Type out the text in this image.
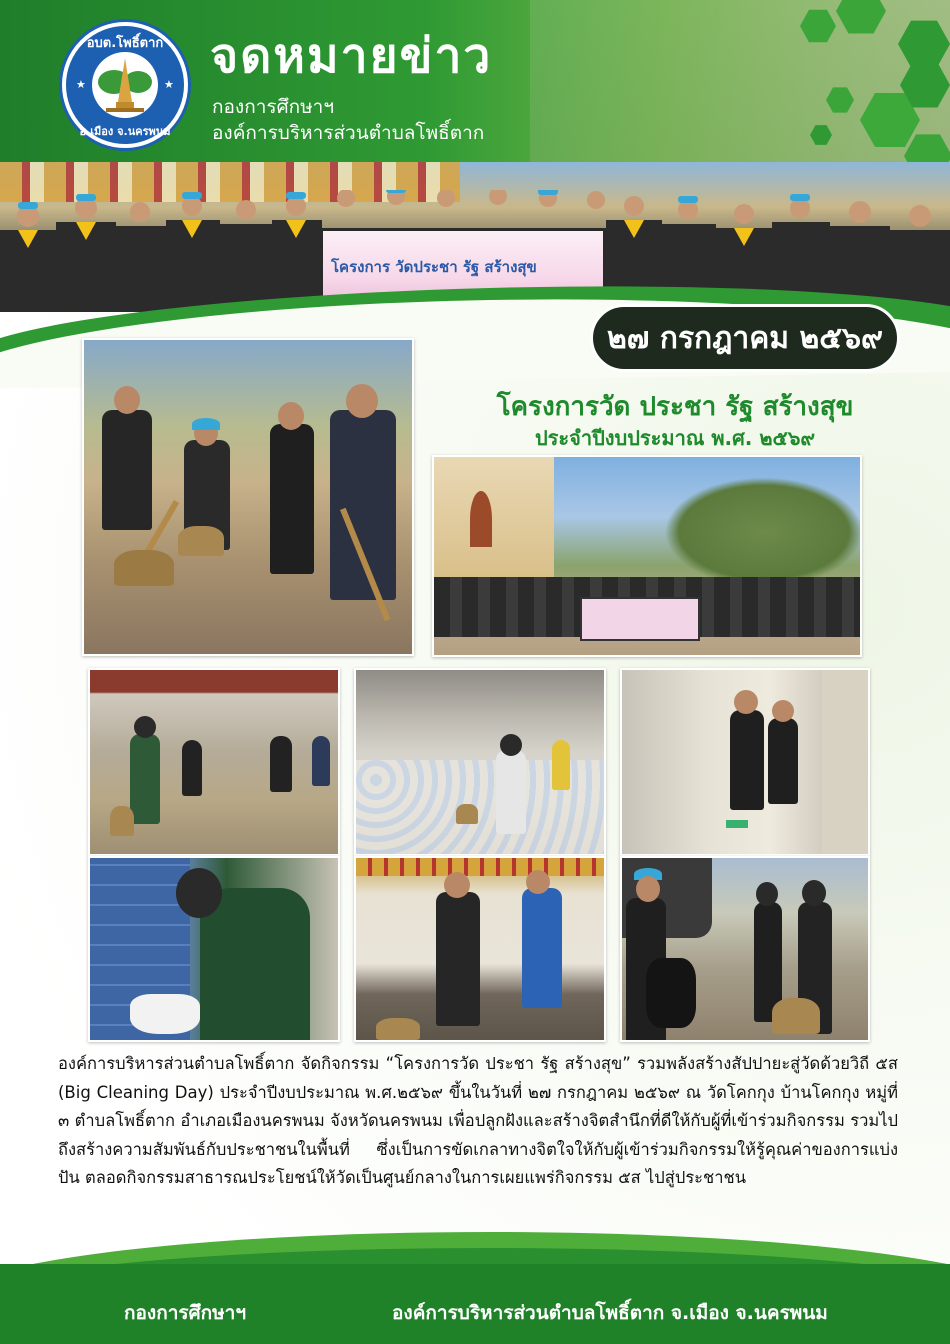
อบต.โพธิ์ตาก
★	★
อ.เมือง จ.นครพนม
จดหมายข่าว
กองการศึกษาฯ
องค์การบริหารส่วนตำบลโพธิ์ตาก
โครงการ วัดประชา รัฐ สร้างสุข
๒๗ กรกฎาคม ๒๕๖๙
โครงการวัด ประชา รัฐ สร้างสุข
ประจำปีงบประมาณ พ.ศ. ๒๕๖๙
องค์การบริหารส่วนตำบลโพธิ์ตาก จัดกิจกรรม “โครงการวัด ประชา รัฐ สร้างสุข” รวมพลังสร้างสัปปายะสู่วัดด้วยวิถี ๕ส (Big Cleaning Day) ประจำปีงบประมาณ พ.ศ.๒๕๖๙ ขึ้นในวันที่ ๒๗ กรกฎาคม ๒๕๖๙ ณ วัดโคกกุง บ้านโคกกุง หมู่ที่ ๓ ตำบลโพธิ์ตาก อำเภอเมืองนครพนม จังหวัดนครพนม เพื่อปลูกฝังและสร้างจิตสำนึกที่ดีให้กับผู้ที่เข้าร่วมกิจกรรม รวมไปถึงสร้างความสัมพันธ์กับประชาชนในพื้นที่ ซึ่งเป็นการขัดเกลาทางจิตใจให้กับผู้เข้าร่วมกิจกรรมให้รู้คุณค่าของการแบ่งปัน ตลอดกิจกรรมสาธารณประโยชน์ให้วัดเป็นศูนย์กลางในการเผยแพร่กิจกรรม ๕ส ไปสู่ประชาชน
กองการศึกษาฯ	องค์การบริหารส่วนตำบลโพธิ์ตาก จ.เมือง จ.นครพนม
